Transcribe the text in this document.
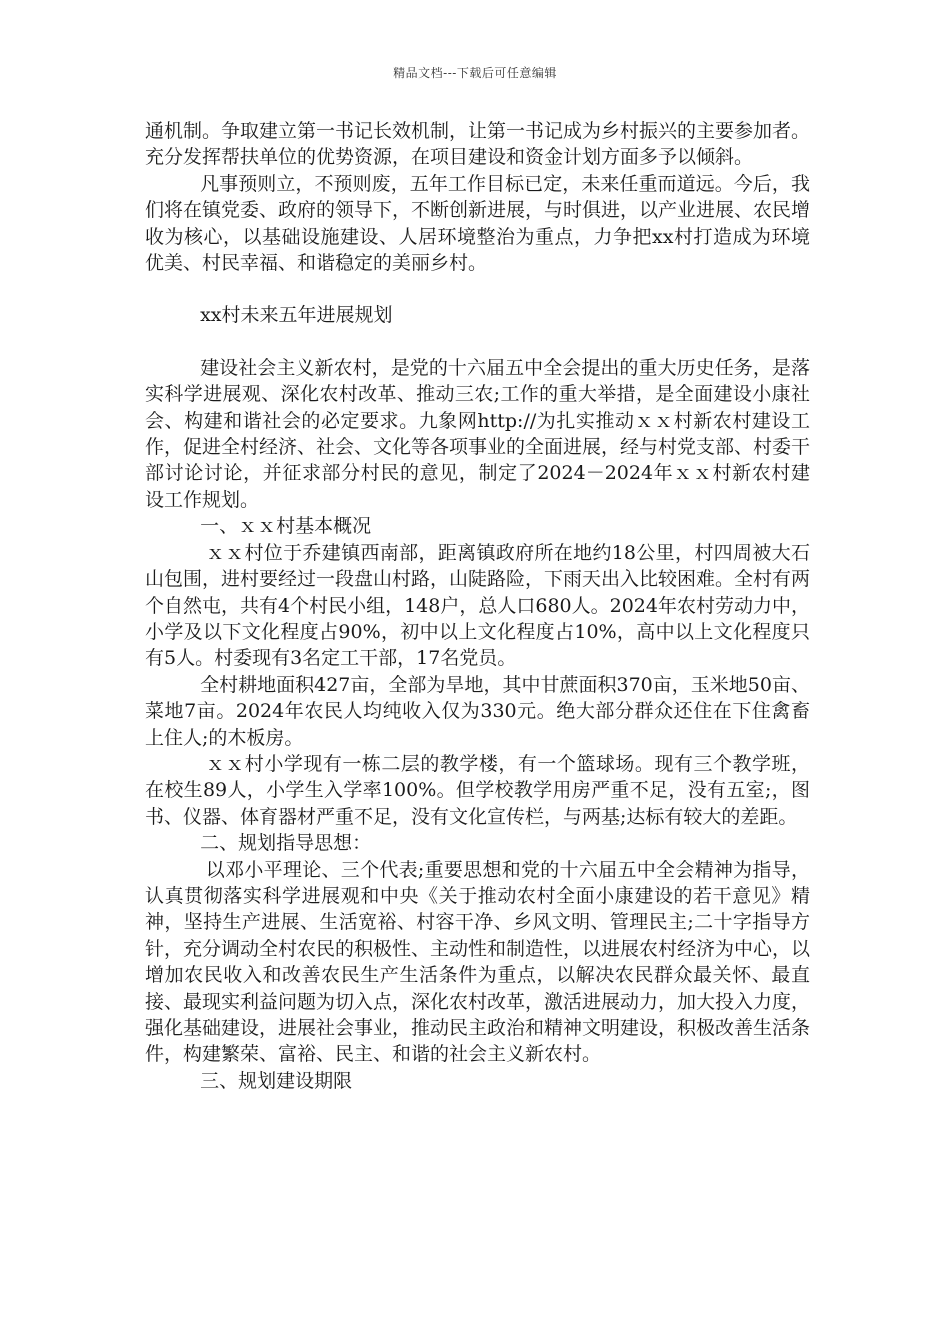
精品文档---下载后可任意编辑

通机制。争取建立第一书记长效机制，让第一书记成为乡村振兴的主要参加者。充分发挥帮扶单位的优势资源，在项目建设和资金计划方面多予以倾斜。

凡事预则立，不预则废，五年工作目标已定，未来任重而道远。今后，我们将在镇党委、政府的领导下，不断创新进展，与时俱进，以产业进展、农民增收为核心，以基础设施建设、人居环境整治为重点，力争把xx村打造成为环境优美、村民幸福、和谐稳定的美丽乡村。

xx村未来五年进展规划

建设社会主义新农村，是党的十六届五中全会提出的重大历史任务，是落实科学进展观、深化农村改革、推动三农;工作的重大举措，是全面建设小康社会、构建和谐社会的必定要求。九象网http://为扎实推动ｘｘ村新农村建设工作，促进全村经济、社会、文化等各项事业的全面进展，经与村党支部、村委干部讨论讨论，并征求部分村民的意见，制定了2024－2024年ｘｘ村新农村建设工作规划。

一、ｘｘ村基本概况

ｘｘ村位于乔建镇西南部，距离镇政府所在地约18公里，村四周被大石山包围，进村要经过一段盘山村路，山陡路险，下雨天出入比较困难。全村有两个自然屯，共有4个村民小组，148户，总人口680人。2024年农村劳动力中，小学及以下文化程度占90%，初中以上文化程度占10%，高中以上文化程度只有5人。村委现有3名定工干部，17名党员。

全村耕地面积427亩，全部为旱地，其中甘蔗面积370亩，玉米地50亩、菜地7亩。2024年农民人均纯收入仅为330元。绝大部分群众还住在下住禽畜上住人;的木板房。

ｘｘ村小学现有一栋二层的教学楼，有一个篮球场。现有三个教学班，在校生89人，小学生入学率100%。但学校教学用房严重不足，没有五室;，图书、仪器、体育器材严重不足，没有文化宣传栏，与两基;达标有较大的差距。

二、规划指导思想：

以邓小平理论、三个代表;重要思想和党的十六届五中全会精神为指导，认真贯彻落实科学进展观和中央《关于推动农村全面小康建设的若干意见》精神，坚持生产进展、生活宽裕、村容干净、乡风文明、管理民主;二十字指导方针，充分调动全村农民的积极性、主动性和制造性，以进展农村经济为中心，以增加农民收入和改善农民生产生活条件为重点，以解决农民群众最关怀、最直接、最现实利益问题为切入点，深化农村改革，激活进展动力，加大投入力度，强化基础建设，进展社会事业，推动民主政治和精神文明建设，积极改善生活条件，构建繁荣、富裕、民主、和谐的社会主义新农村。

三、规划建设期限
